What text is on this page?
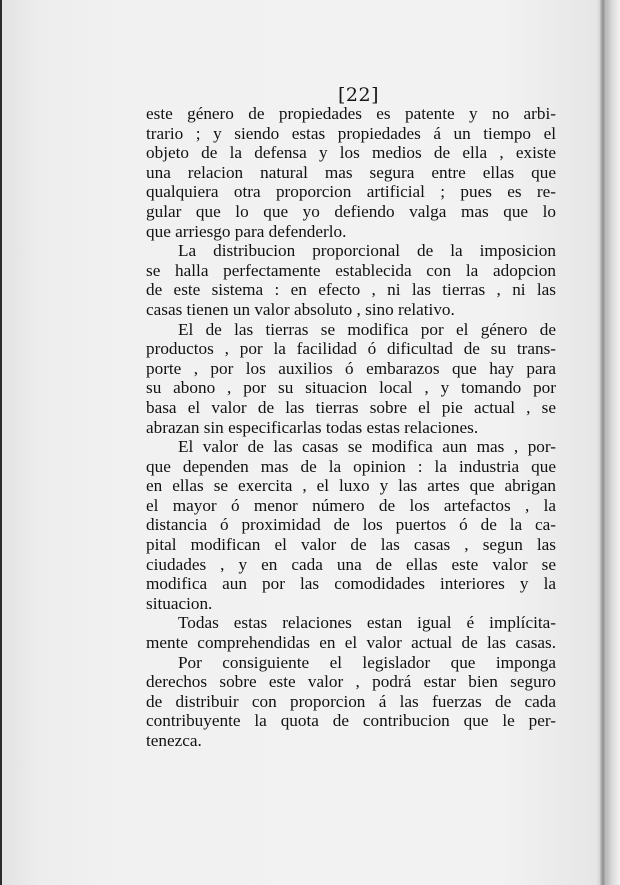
[22]

este género de propiedades es patente y no arbi-
trario ; y siendo estas propiedades á un tiempo el
objeto de la defensa y los medios de ella , existe
una relacion natural mas segura entre ellas que
qualquiera otra proporcion artificial ; pues es re-
gular que lo que yo defiendo valga mas que lo
que arriesgo para defenderlo.

La distribucion proporcional de la imposicion
se halla perfectamente establecida con la adopcion
de este sistema : en efecto , ni las tierras , ni las
casas tienen un valor absoluto , sino relativo.

El de las tierras se modifica por el género de
productos , por la facilidad ó dificultad de su trans-
porte , por los auxilios ó embarazos que hay para
su abono , por su situacion local , y tomando por
basa el valor de las tierras sobre el pie actual , se
abrazan sin especificarlas todas estas relaciones.

El valor de las casas se modifica aun mas , por-
que dependen mas de la opinion : la industria que
en ellas se exercita , el luxo y las artes que abrigan
el mayor ó menor número de los artefactos , la
distancia ó proximidad de los puertos ó de la ca-
pital modifican el valor de las casas , segun las
ciudades , y en cada una de ellas este valor se
modifica aun por las comodidades interiores y la
situacion.

Todas estas relaciones estan igual é implícita-
mente comprehendidas en el valor actual de las casas.

Por consiguiente el legislador que imponga
derechos sobre este valor , podrá estar bien seguro
de distribuir con proporcion á las fuerzas de cada
contribuyente la quota de contribucion que le per-
tenezca.
